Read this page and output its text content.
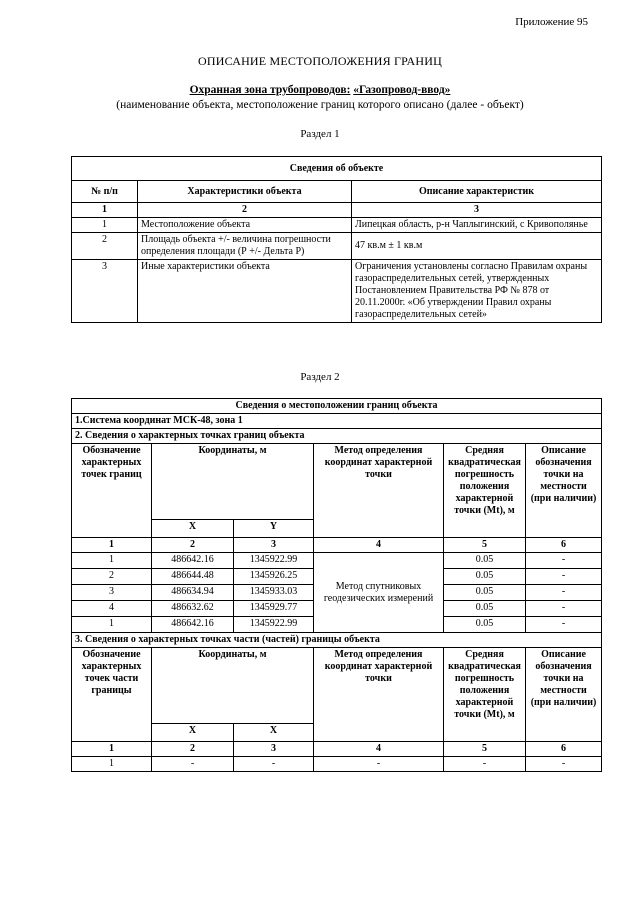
Приложение 95
ОПИСАНИЕ МЕСТОПОЛОЖЕНИЯ ГРАНИЦ
Охранная зона трубопроводов: «Газопровод-ввод»
(наименование объекта, местоположение границ которого описано (далее - объект)
Раздел 1
Сведения об объекте		
№ п/п	Характеристики объекта	Описание характеристик
1	2	3
1	Местоположение объекта	Липецкая область, р-н Чаплыгинский, с Кривополянье
2	Площадь объекта +/- величина погрешности определения площади (Р +/- Дельта Р)	47 кв.м ± 1 кв.м
3	Иные характеристики объекта	Ограничения установлены согласно Правилам охраны газораспределительных сетей, утвержденных Постановлением Правительства РФ № 878 от 20.11.2000г. «Об утверждении Правил охраны газораспределительных сетей»
Раздел 2
Сведения о местоположении границ объекта					
1.Система координат МСК-48, зона 1					
2. Сведения о характерных точках границ объекта					
Обозначение характерных точек границ	Координаты, м		Метод определения координат характерной точки	Средняя квадратическая погрешность положения характерной точки (Mt), м	Описание обозначения точки на местности (при наличии)
	X	Y			
1	2	3	4	5	6
1	486642.16	1345922.99	Метод спутниковых геодезических измерений	0.05	-
2	486644.48	1345926.25		0.05	-
3	486634.94	1345933.03		0.05	-
4	486632.62	1345929.77		0.05	-
1	486642.16	1345922.99		0.05	-
3. Сведения о характерных точках части (частей) границы объекта					
Обозначение характерных точек части границы	Координаты, м		Метод определения координат характерной точки	Средняя квадратическая погрешность положения характерной точки (Mt), м	Описание обозначения точки на местности (при наличии)
	X	X			
1	2	3	4	5	6
1	-	-	-	-	-
